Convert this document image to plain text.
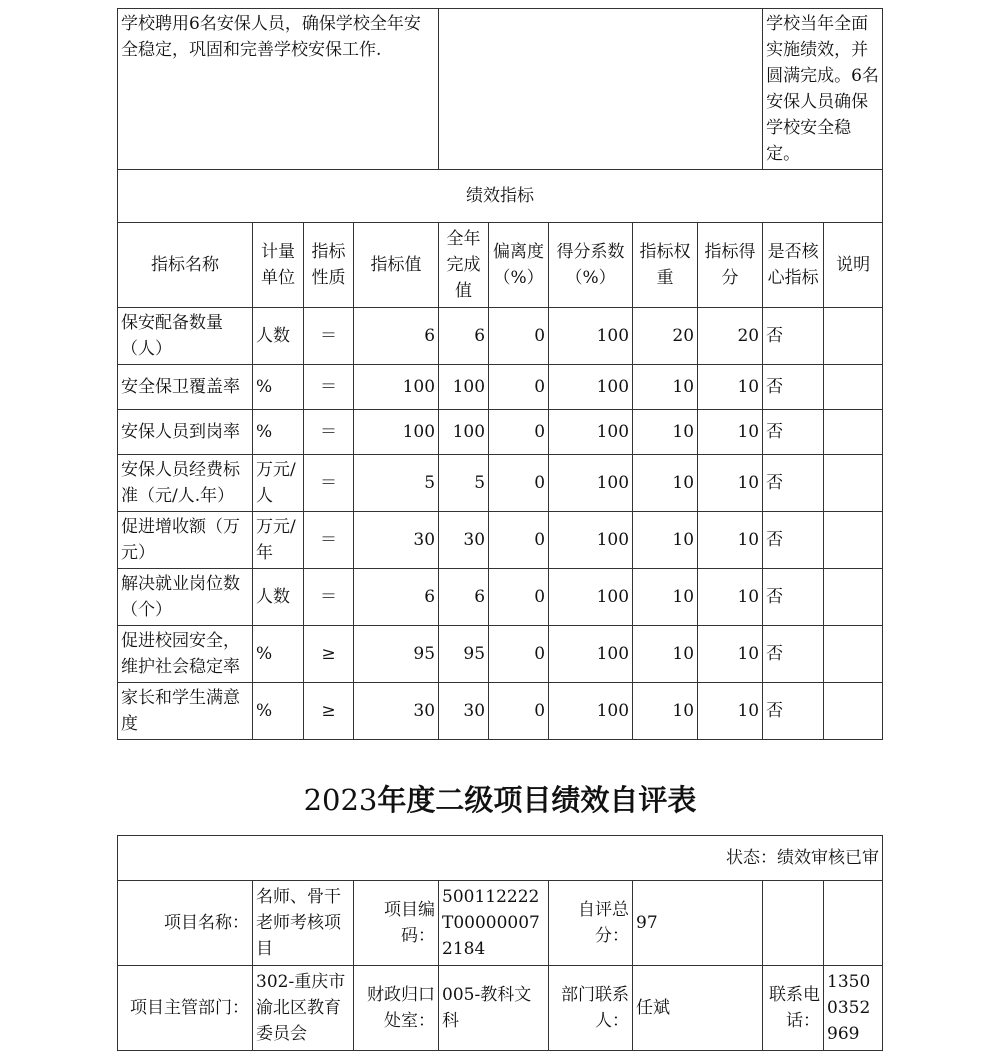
学校聘用6名安保人员，确保学校全年安全稳定，巩固和完善学校安保工作.									学校当年全面实施绩效，并圆满完成。6名安保人员确保学校安全稳定。	
绩效指标										
指标名称	计量单位	指标性质	指标值	全年完成值	偏离度（%）	得分系数（%）	指标权重	指标得分	是否核心指标	说明
保安配备数量（人）	人数	＝	6	6	0	100	20	20	否	
安全保卫覆盖率	%	＝	100	100	0	100	10	10	否	
安保人员到岗率	%	＝	100	100	0	100	10	10	否	
安保人员经费标准（元/人.年）	万元/人	＝	5	5	0	100	10	10	否	
促进增收额（万元）	万元/年	＝	30	30	0	100	10	10	否	
解决就业岗位数（个）	人数	＝	6	6	0	100	10	10	否	
促进校园安全，维护社会稳定率	%	≥	95	95	0	100	10	10	否	
家长和学生满意度	%	≥	30	30	0	100	10	10	否	
2023年度二级项目绩效自评表
状态：绩效审核已审							
项目名称：	名师、骨干老师考核项目	项目编码：	500112222T000000072184	自评总分：	97		
项目主管部门：	302-重庆市渝北区教育委员会	财政归口处室：	005-教科文科	部门联系人：	任斌	联系电话：	13500352969
